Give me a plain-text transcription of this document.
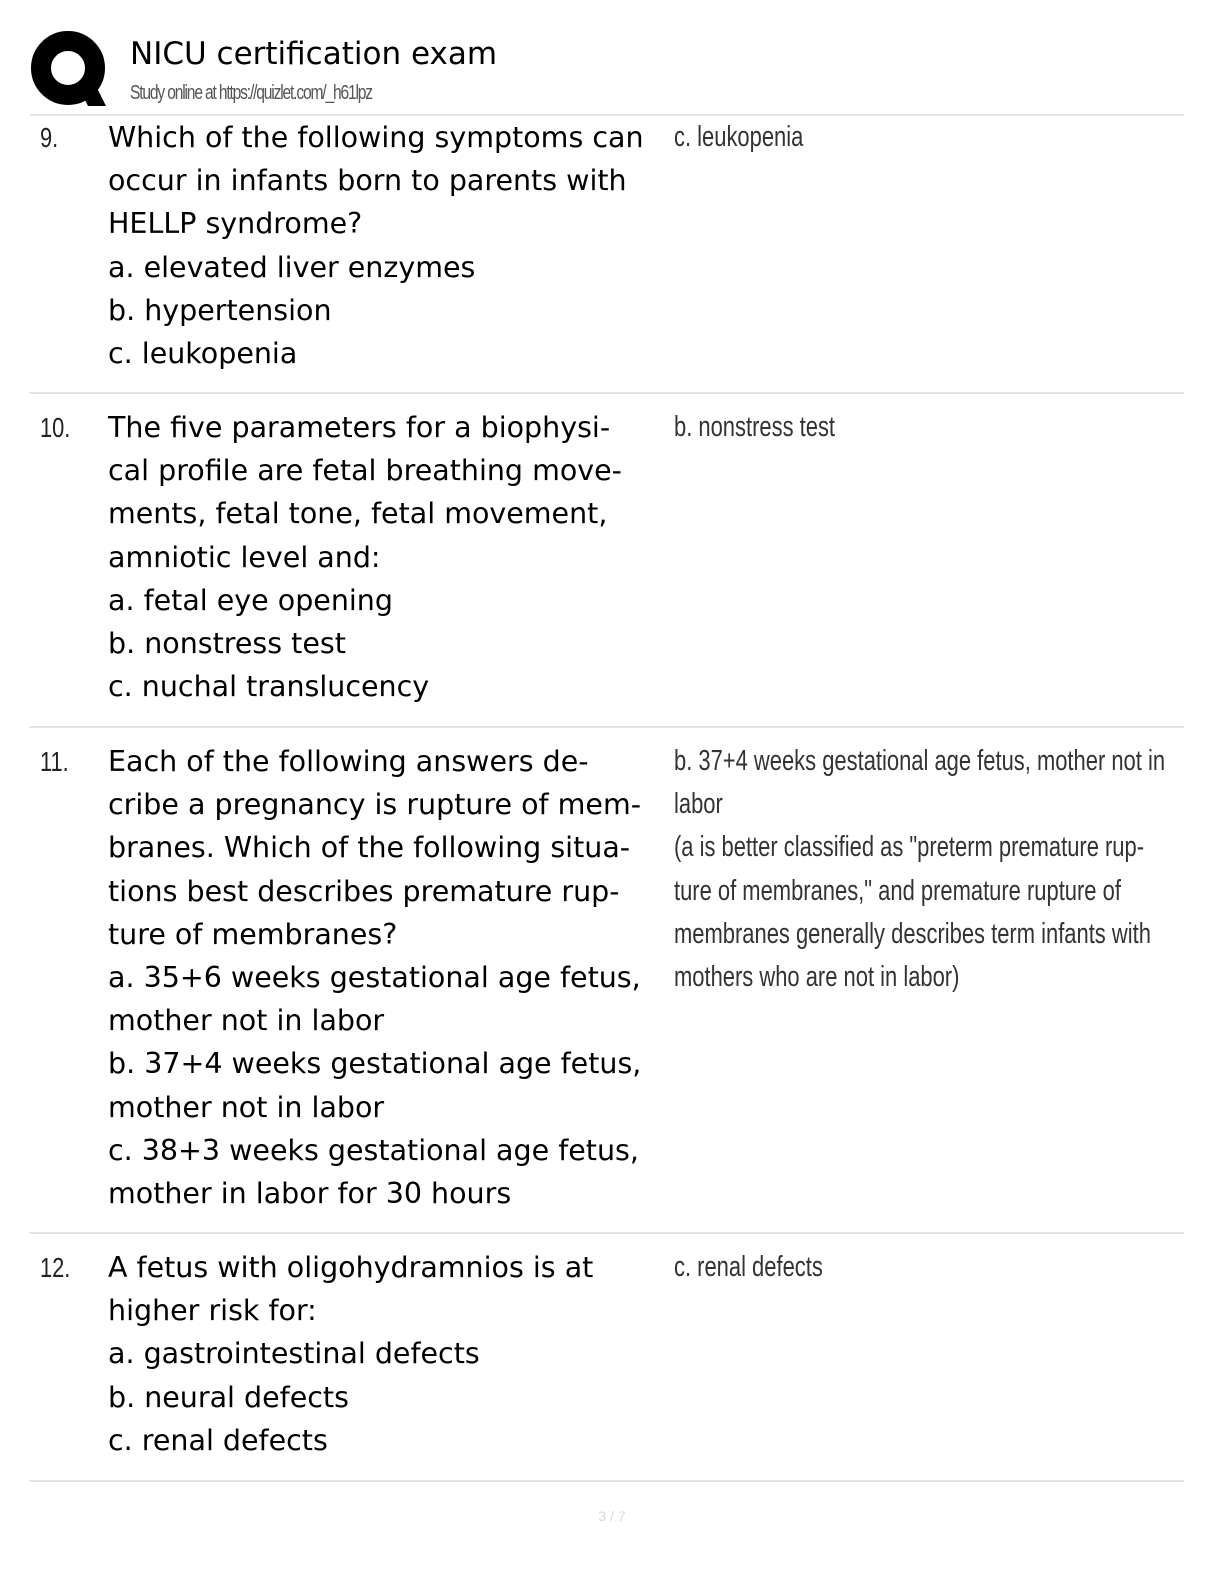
NICU certification exam
Study online at https://quizlet.com/_h61lpz
9. Which of the following symptoms can
occur in infants born to parents with
HELLP syndrome?
a. elevated liver enzymes
b. hypertension
c. leukopenia
c. leukopenia
10. The five parameters for a biophysi-
cal profile are fetal breathing move-
ments, fetal tone, fetal movement,
amniotic level and:
a. fetal eye opening
b. nonstress test
c. nuchal translucency
b. nonstress test
11. Each of the following answers de-
cribe a pregnancy is rupture of mem-
branes. Which of the following situa-
tions best describes premature rup-
ture of membranes?
a. 35+6 weeks gestational age fetus,
mother not in labor
b. 37+4 weeks gestational age fetus,
mother not in labor
c. 38+3 weeks gestational age fetus,
mother in labor for 30 hours
b. 37+4 weeks gestational age fetus, mother not in
labor
(a is better classified as "preterm premature rup-
ture of membranes," and premature rupture of
membranes generally describes term infants with
mothers who are not in labor)
12. A fetus with oligohydramnios is at
higher risk for:
a. gastrointestinal defects
b. neural defects
c. renal defects
c. renal defects
3 / 7
